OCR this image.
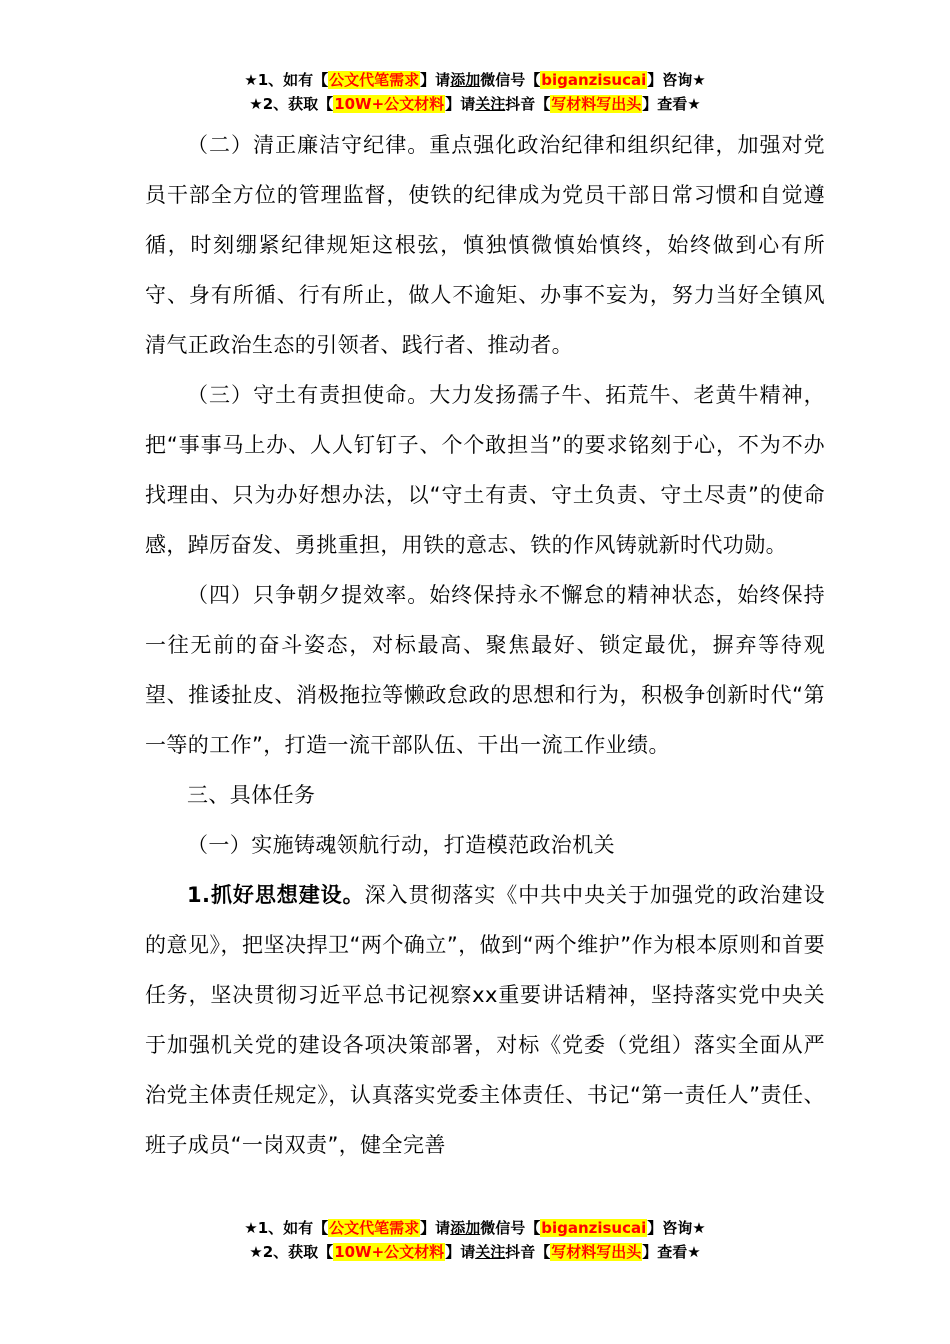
★1、如有【公文代笔需求】请添加微信号【biganzisucai】咨询★
★2、获取【10W+公文材料】请关注抖音【写材料写出头】查看★

（二）清正廉洁守纪律。重点强化政治纪律和组织纪律，加强对党员干部全方位的管理监督，使铁的纪律成为党员干部日常习惯和自觉遵循，时刻绷紧纪律规矩这根弦，慎独慎微慎始慎终，始终做到心有所守、身有所循、行有所止，做人不逾矩、办事不妄为，努力当好全镇风清气正政治生态的引领者、践行者、推动者。

（三）守土有责担使命。大力发扬孺子牛、拓荒牛、老黄牛精神，把“事事马上办、人人钉钉子、个个敢担当”的要求铭刻于心，不为不办找理由、只为办好想办法，以“守土有责、守土负责、守土尽责”的使命感，踔厉奋发、勇挑重担，用铁的意志、铁的作风铸就新时代功勋。

（四）只争朝夕提效率。始终保持永不懈怠的精神状态，始终保持一往无前的奋斗姿态，对标最高、聚焦最好、锁定最优，摒弃等待观望、推诿扯皮、消极拖拉等懒政怠政的思想和行为，积极争创新时代“第一等的工作”，打造一流干部队伍、干出一流工作业绩。

三、具体任务

（一）实施铸魂领航行动，打造模范政治机关

1.抓好思想建设。深入贯彻落实《中共中央关于加强党的政治建设的意见》，把坚决捍卫“两个确立”，做到“两个维护”作为根本原则和首要任务，坚决贯彻习近平总书记视察xx重要讲话精神，坚持落实党中央关于加强机关党的建设各项决策部署，对标《党委（党组）落实全面从严治党主体责任规定》，认真落实党委主体责任、书记“第一责任人”责任、班子成员“一岗双责”，健全完善

★1、如有【公文代笔需求】请添加微信号【biganzisucai】咨询★
★2、获取【10W+公文材料】请关注抖音【写材料写出头】查看★
